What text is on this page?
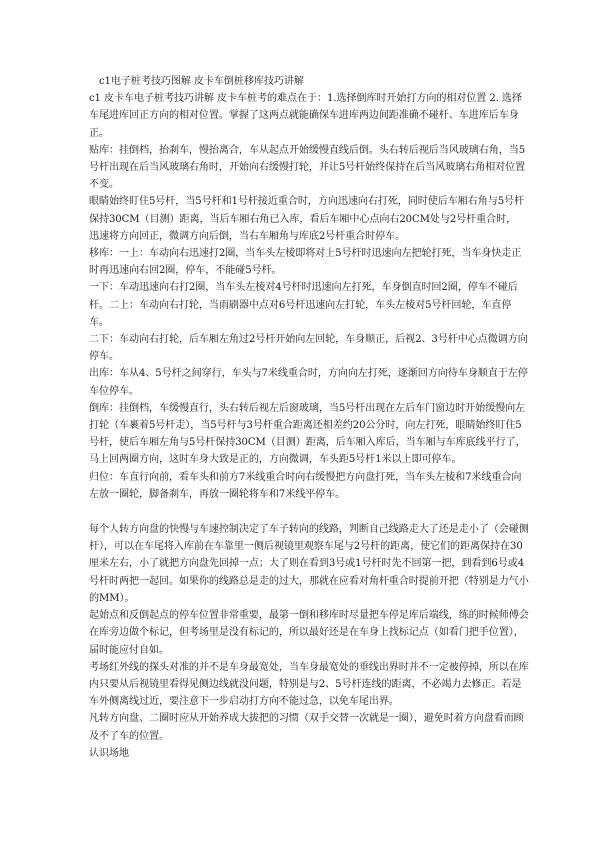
c1电子桩考技巧图解 皮卡车倒桩移库技巧讲解

c1 皮卡车电子桩考技巧讲解 皮卡车桩考的难点在于：1.选择倒库时开始打方向的相对位置 2. 选择车尾进库回正方向的相对位置。掌握了这两点就能确保车进库两边间距准确不碰杆、车进库后车身正。

贴库：挂倒档，抬刹车，慢抬离合，车从起点开始缓慢直线后倒。头右转后视后当风玻璃右角，当5号杆出现在后当风玻璃右角时，开始向右缓慢打轮，并让5号杆始终保持在后当风玻璃右角相对位置不变。

眼睛始终盯住5号杆，当5号杆和1号杆接近重合时，方向迅速向右打死，同时使后车厢右角与5号杆保持30CM（目测）距离，当后车厢右角已入库，看后车厢中心点向右20CM处与2号杆重合时，

迅速将方向回正，微调方向后倒，当右车厢角与库底2号杆重合时停车。

移库：一上：车动向右迅速打2圈，当车头左棱即将对上5号杆时迅速向左把轮打死，当车身快走正时再迅速向右回2圈，停车，不能碰5号杆。

一下：车动迅速向右打2圈，当车头左棱对4号杆时迅速向左打死，车身倒直时回2圈，停车不碰后杆。二上：车动向右打轮，当雨刷器中点对6号杆迅速向左打轮，车头左棱对5号杆回轮，车直停车。

二下：车动向右打轮，后车厢左角过2号杆开始向左回轮，车身顺正，后视2、3号杆中心点微调方向停车。

出库：车从4、5号杆之间穿行，车头与7米线重合时，方向向左打死，逐渐回方向待车身顺直于左停车位停车。

倒库：挂倒档，车缓慢直行，头右转后视左后窗玻璃，当5号杆出现在左后车门窗边时开始缓慢向左打轮（车裹着5号杆走），当5号杆与3号杆重合距离还相差约20公分时，向左打死，眼睛始终盯住5号杆，使后车厢左角与5号杆保持30CM（目测）距离，后车厢入库后，当车厢与车库底线平行了，马上回两圈方向，这时车身大致是正的，方向微调，车头距5号杆1米以上即可停车。

归位：车直行向前，看车头和前方7米线重合时向右缓慢把方向盘打死，当车头左棱和7米线重合向左放一圈轮，脚备刹车，再放一圈轮将车和7米线平停车。

每个人转方向盘的快慢与车速控制决定了车子转向的线路，判断自己线路走大了还是走小了（会碰侧杆），可以在车尾将入库前在车靠里一侧后视镜里观察车尾与2号杆的距离，使它们的距离保持在30厘米左右，小了就把方向盘先回掉一点；大了则在看到3号或1号杆时先不回第一把，到看到6号或4号杆时两把一起回。如果你的线路总是走的过大，那就在应看对角杆重合时提前开把（特别是力气小的MM）。

起始点和反倒起点的停车位置非常重要，最第一倒和移库时尽量把车停足库后端线，练的时候师傅会在库旁边做个标记，但考场里是没有标记的，所以最好还是在车身上找标记点（如看门把手位置），届时能应付自如。

考场红外线的探头对准的并不是车身最宽处，当车身最宽处的垂线出界时并不一定被停掉，所以在库内只要从后视镜里看得见侧边线就没问题，特别是与2、5号杆连线的距离，不必竭力去修正。若是车外侧离线过近，要注意下一步启动打方向不能过急，以免车尾出界。

凡转方向盘、二圈时应从开始养成大拔把的习惯（双手交替一次就是一圈），避免时着方向盘看而顾及不了车的位置。

认识场地
